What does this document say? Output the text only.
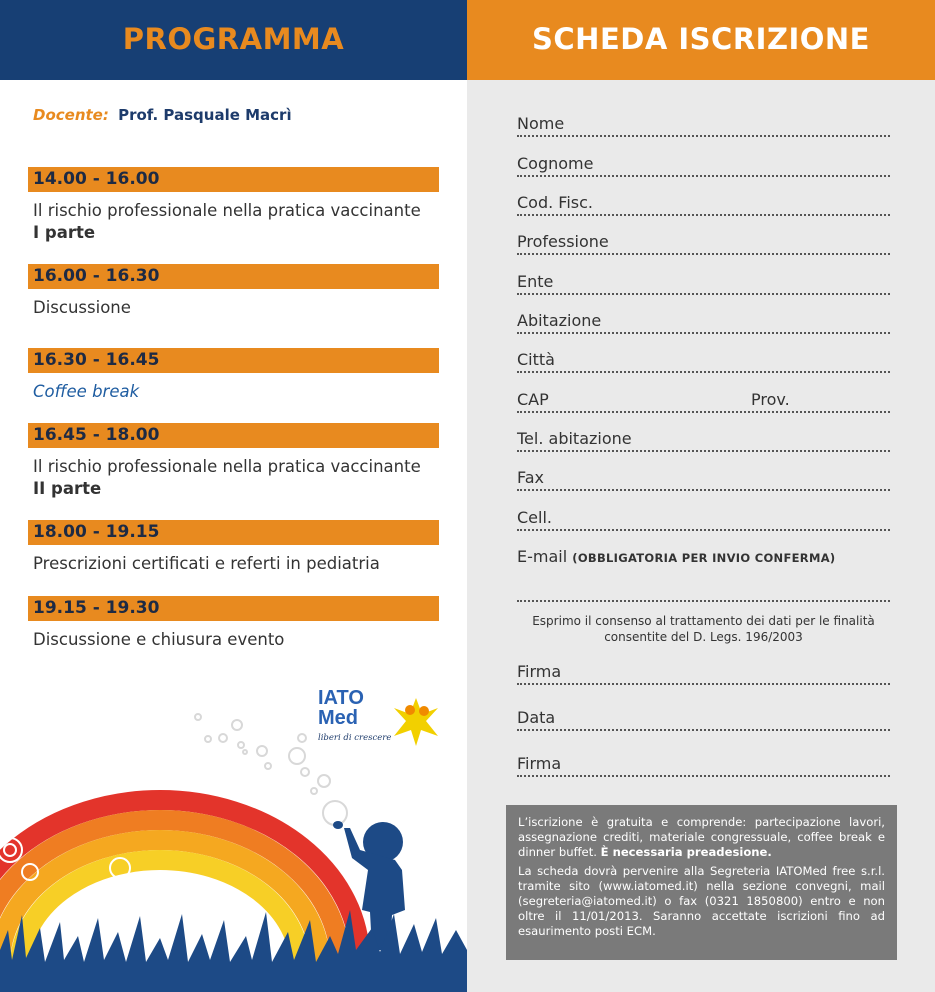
PROGRAMMA
Docente: Prof. Pasquale Macrì
14.00 - 16.00
Il rischio professionale nella pratica vaccinante
I parte
16.00 - 16.30
Discussione
16.30 - 16.45
Coffee break
16.45 - 18.00
Il rischio professionale nella pratica vaccinante
II parte
18.00 - 19.15
Prescrizioni certificati e referti in pediatria
19.15 - 19.30
Discussione e chiusura evento
IATO
Med
liberi di crescere
SCHEDA ISCRIZIONE
Nome
Cognome
Cod. Fisc.
Professione
Ente
Abitazione
Città
CAP	Prov.
Tel. abitazione
Fax
Cell.
E-mail (OBBLIGATORIA PER INVIO CONFERMA)
Esprimo il consenso al trattamento dei dati per le finalità
consentite del D. Legs. 196/2003
Firma
Data
Firma

L’iscrizione è gratuita e comprende: partecipazione lavori, assegnazione crediti, materiale congressuale, coffee break e dinner buffet. È necessaria preadesione.

La scheda dovrà pervenire alla Segreteria IATOMed free s.r.l. tramite sito (www.iatomed.it) nella sezione convegni, mail (segreteria@iatomed.it) o fax (0321 1850800) entro e non oltre il 11/01/2013. Saranno accettate iscrizioni fino ad esaurimento posti ECM.
